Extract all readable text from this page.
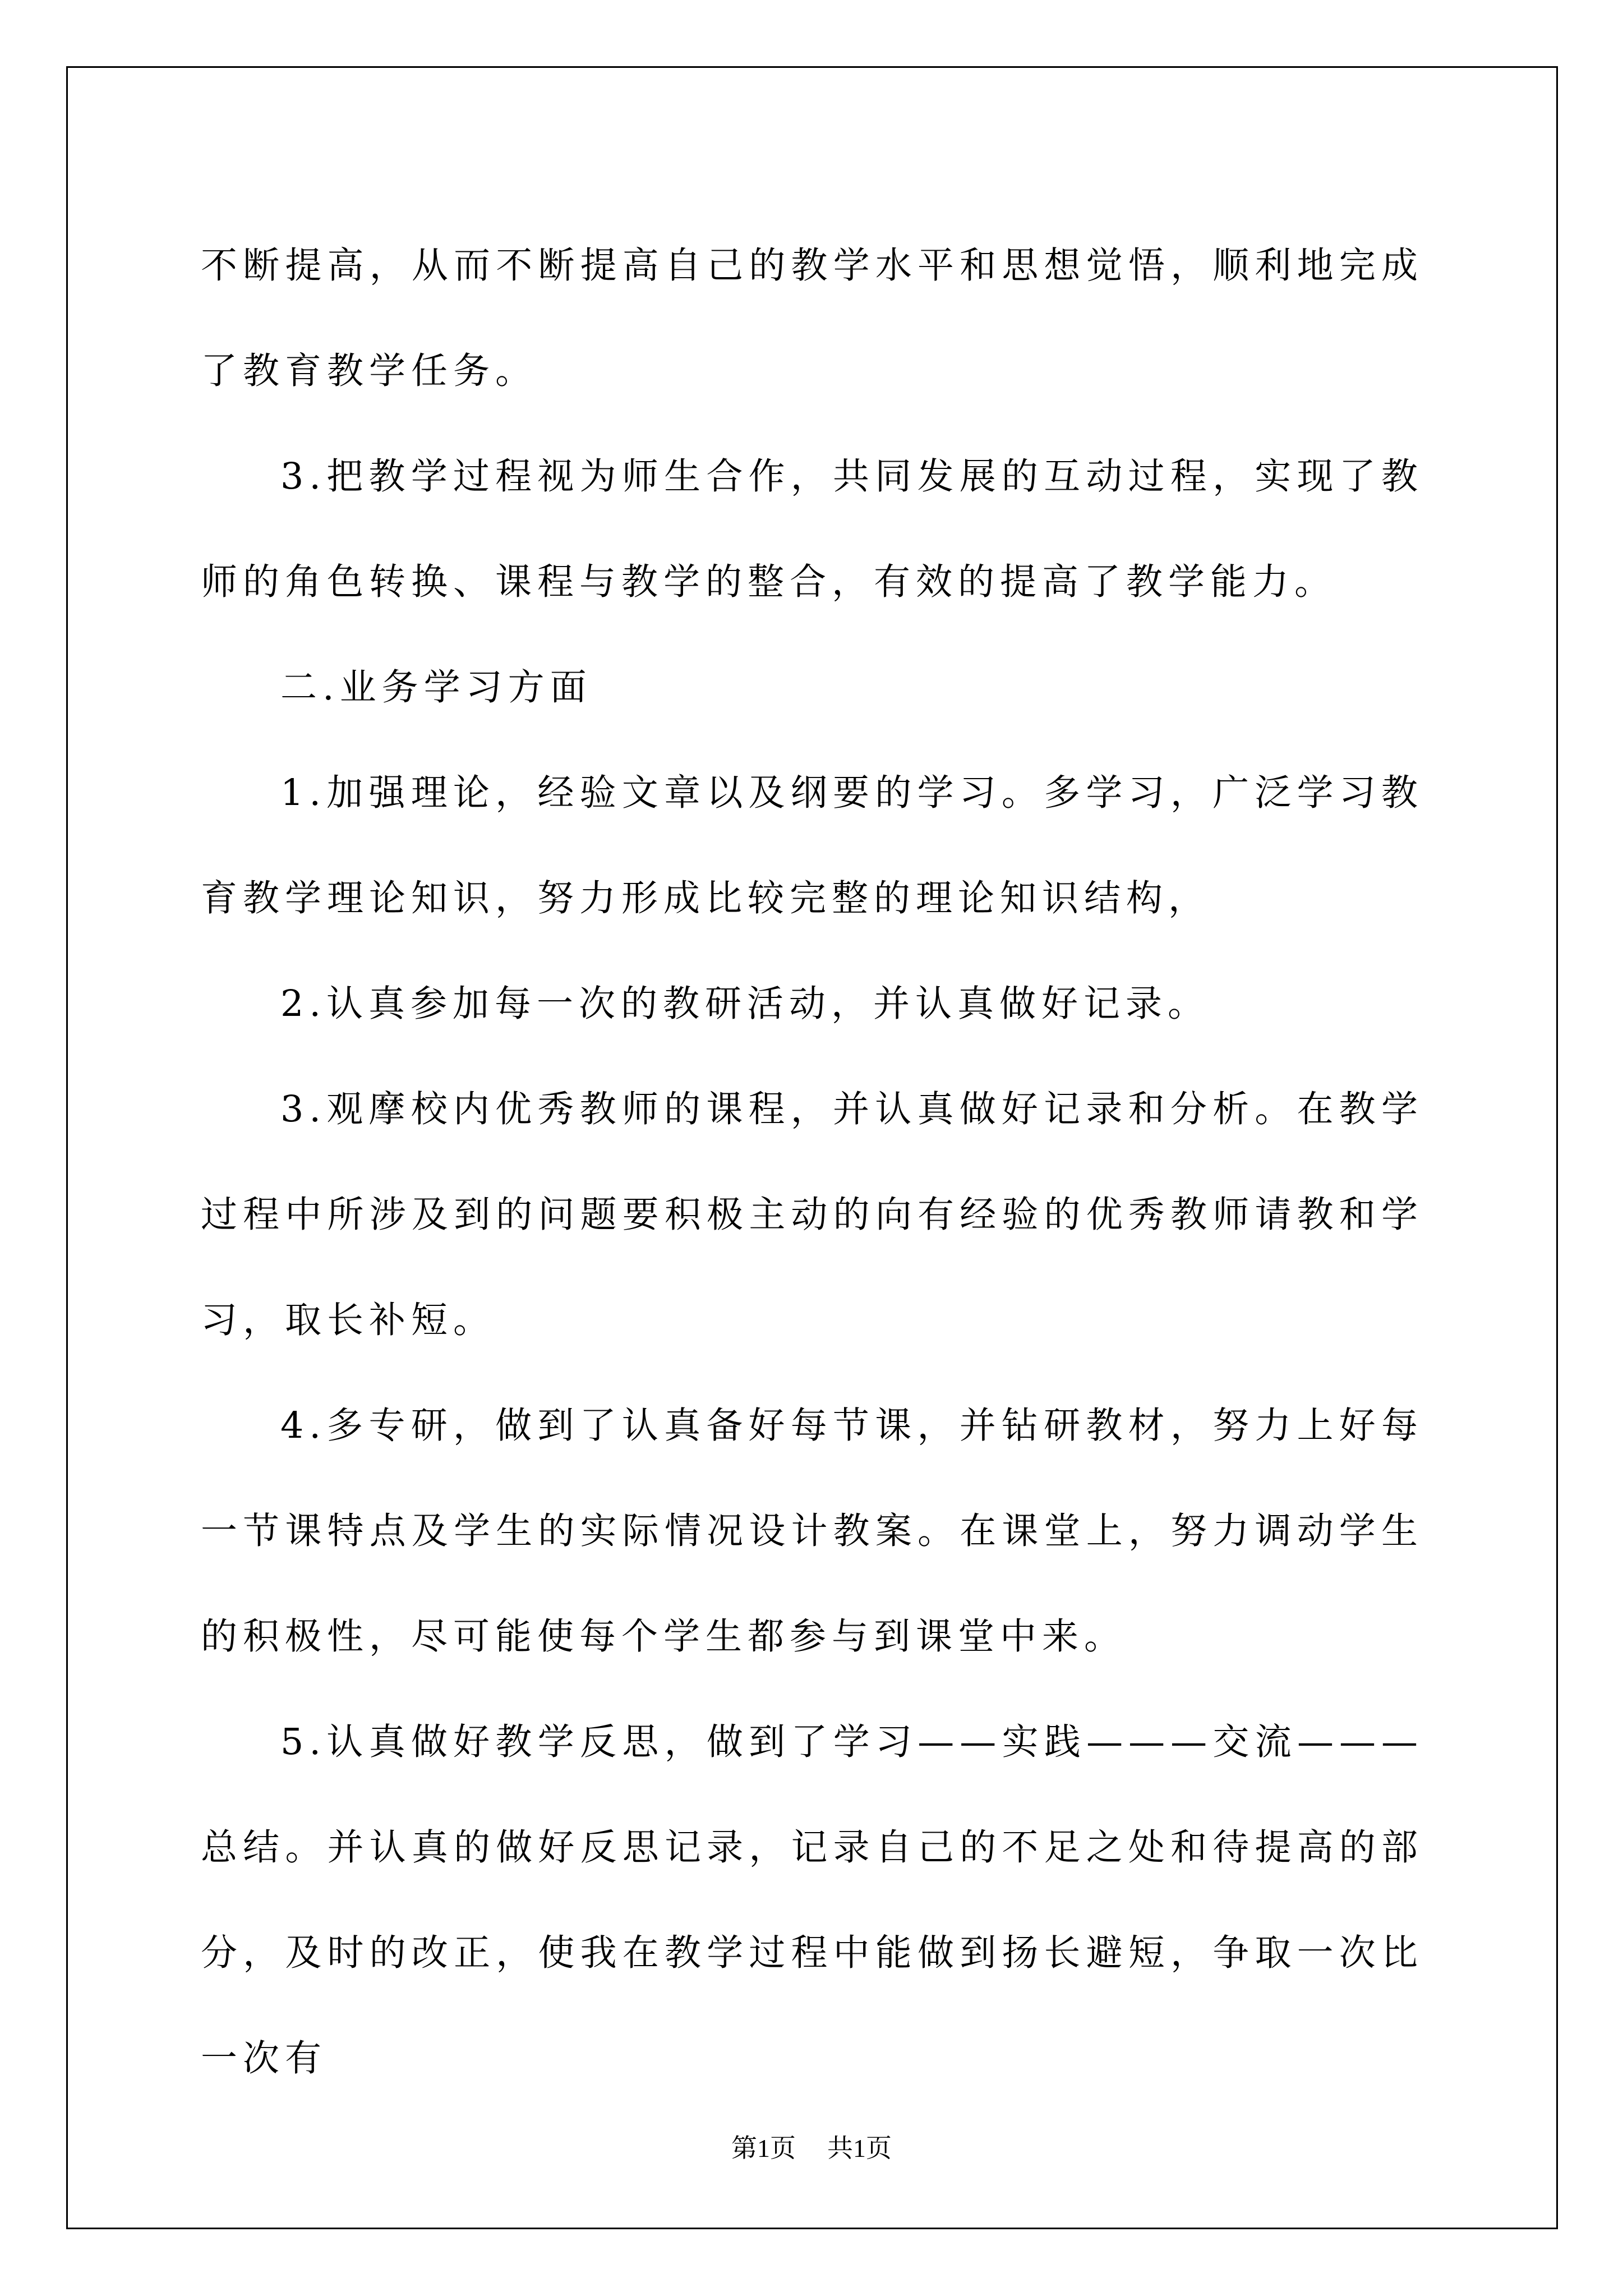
不断提高，从而不断提高自己的教学水平和思想觉悟，顺利地完成了教育教学任务。

3.把教学过程视为师生合作，共同发展的互动过程，实现了教师的角色转换、课程与教学的整合，有效的提高了教学能力。

二.业务学习方面

1.加强理论，经验文章以及纲要的学习。多学习，广泛学习教育教学理论知识，努力形成比较完整的理论知识结构，

2.认真参加每一次的教研活动，并认真做好记录。

3.观摩校内优秀教师的课程，并认真做好记录和分析。在教学过程中所涉及到的问题要积极主动的向有经验的优秀教师请教和学习，取长补短。

4.多专研，做到了认真备好每节课，并钻研教材，努力上好每一节课特点及学生的实际情况设计教案。在课堂上，努力调动学生的积极性，尽可能使每个学生都参与到课堂中来。

5.认真做好教学反思，做到了学习——实践———交流———总结。并认真的做好反思记录，记录自己的不足之处和待提高的部分，及时的改正，使我在教学过程中能做到扬长避短，争取一次比一次有

第1页 共1页
